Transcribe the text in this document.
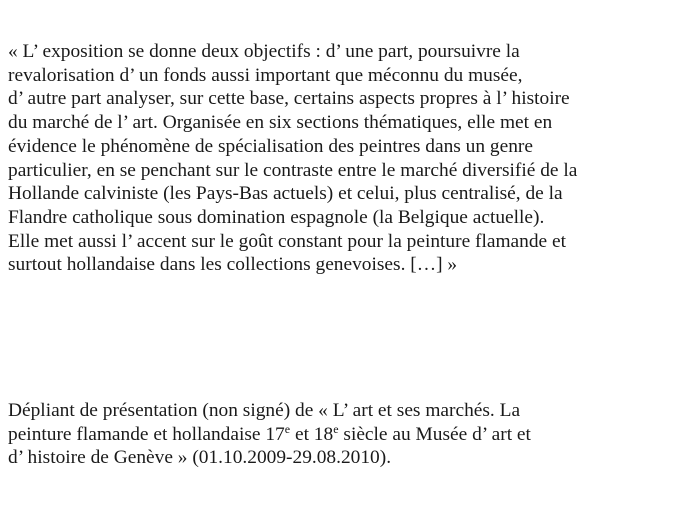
« L’ exposition se donne deux objectifs : d’ une part, poursuivre la
revalorisation d’ un fonds aussi important que méconnu du musée,
d’ autre part analyser, sur cette base, certains aspects propres à l’ histoire
du marché de l’ art. Organisée en six sections thématiques, elle met en
évidence le phénomène de spécialisation des peintres dans un genre
particulier, en se penchant sur le contraste entre le marché diversifié de la
Hollande calviniste (les Pays-Bas actuels) et celui, plus centralisé, de la
Flandre catholique sous domination espagnole (la Belgique actuelle).
Elle met aussi l’ accent sur le goût constant pour la peinture flamande et
surtout hollandaise dans les collections genevoises. […] »

Dépliant de présentation (non signé) de « L’ art et ses marchés. La
peinture flamande et hollandaise 17e et 18e siècle au Musée d’ art et
d’ histoire de Genève » (01.10.2009-29.08.2010).
